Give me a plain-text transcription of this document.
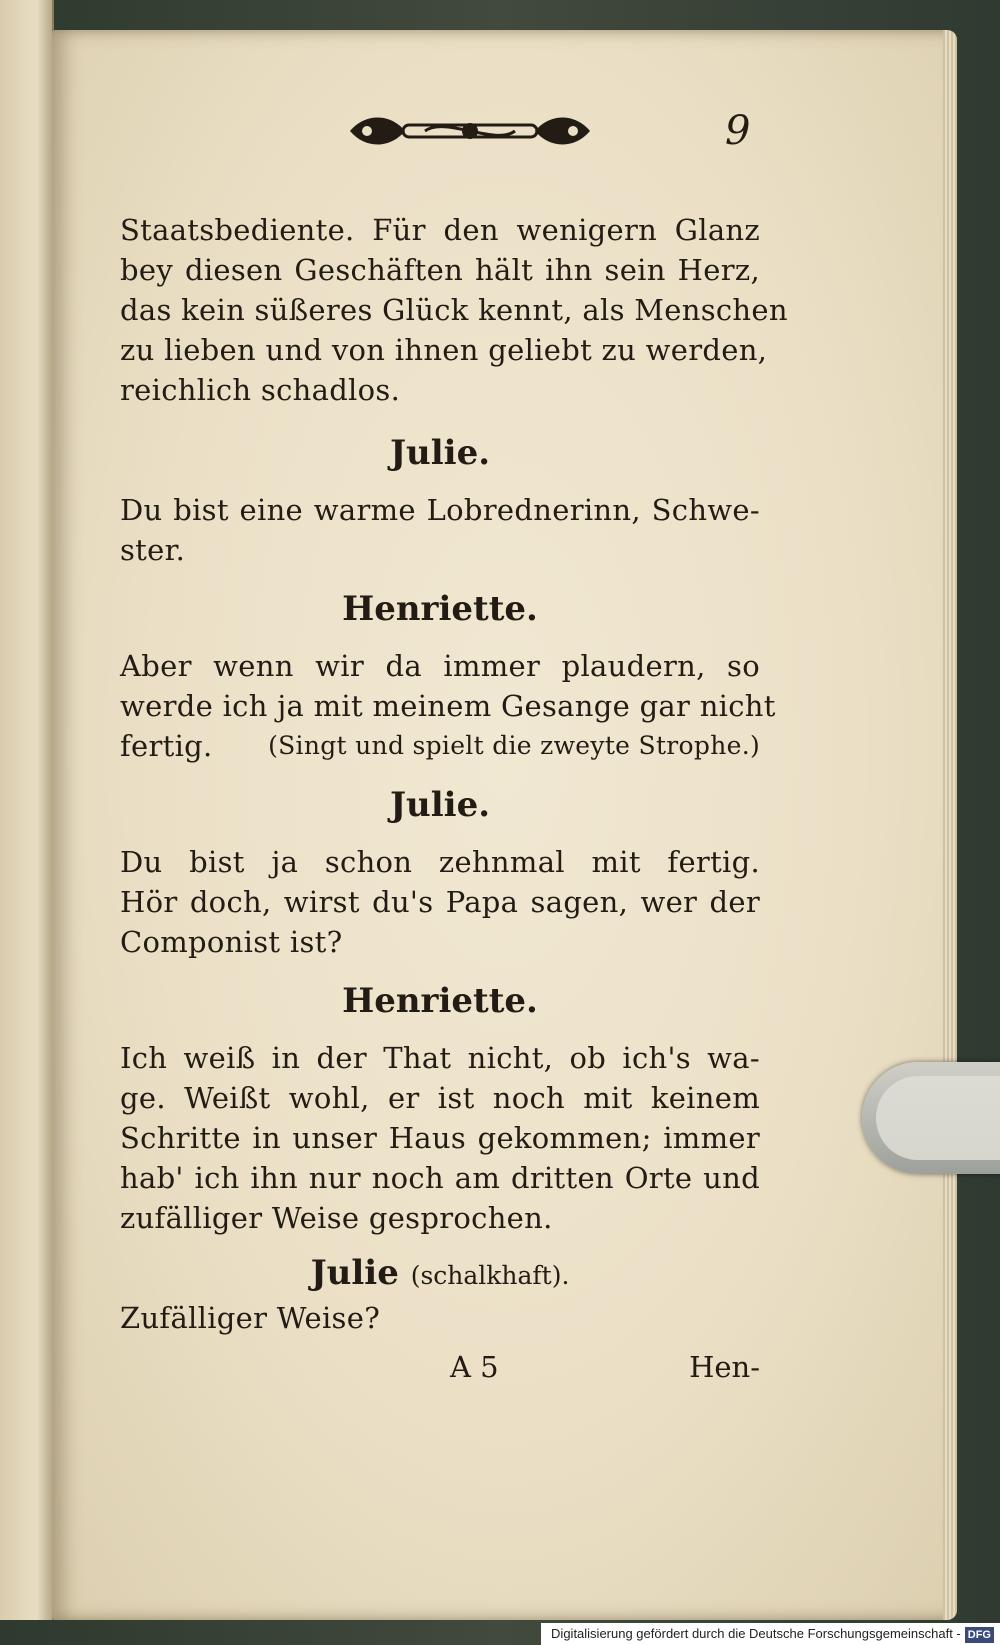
9
Staatsbediente. Für den wenigern Glanz
bey diesen Geschäften hält ihn sein Herz,
das kein süßeres Glück kennt, als Menschen
zu lieben und von ihnen geliebt zu werden,
reichlich schadlos.
Julie.
Du bist eine warme Lobrednerinn, Schwe-
ster.
Henriette.
Aber wenn wir da immer plaudern, so
werde ich ja mit meinem Gesange gar nicht
fertig. (Singt und spielt die zweyte Strophe.)
Julie.
Du bist ja schon zehnmal mit fertig.
Hör doch, wirst du's Papa sagen, wer der
Componist ist?
Henriette.
Ich weiß in der That nicht, ob ich's wa-
ge. Weißt wohl, er ist noch mit keinem
Schritte in unser Haus gekommen; immer
hab' ich ihn nur noch am dritten Orte und
zufälliger Weise gesprochen.
Julie (schalkhaft).
Zufälliger Weise?
A 5	Hen-
Digitalisierung gefördert durch die Deutsche Forschungsgemeinschaft - DFG
